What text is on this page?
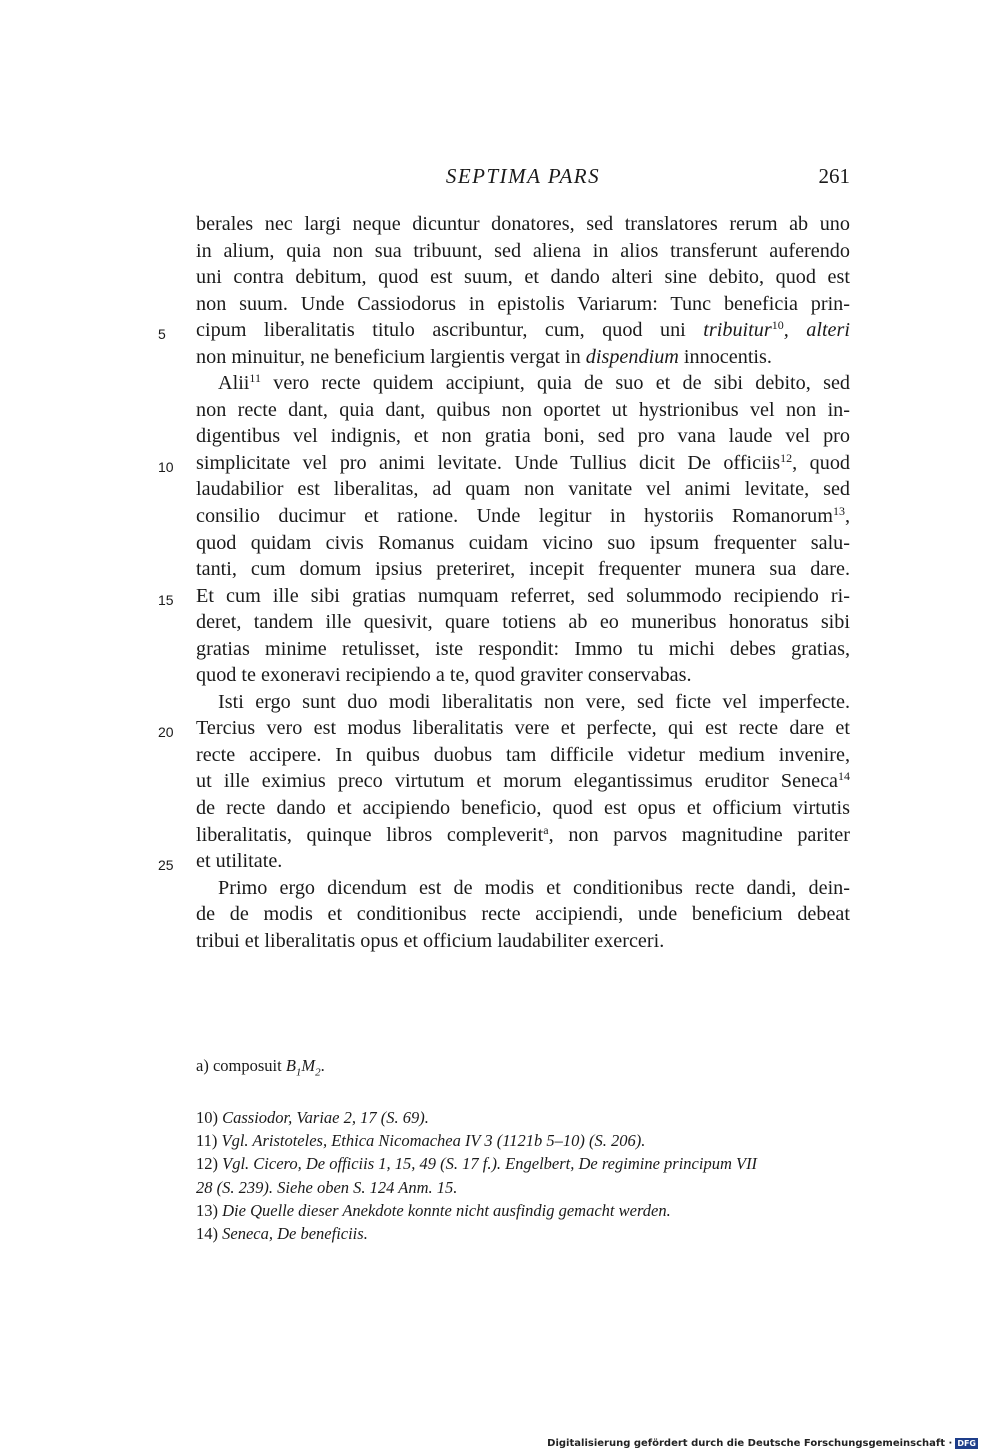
SEPTIMA PARS	261
berales nec largi neque dicuntur donatores, sed translatores rerum ab uno
in alium, quia non sua tribuunt, sed aliena in alios transferunt auferendo
uni contra debitum, quod est suum, et dando alteri sine debito, quod est
non suum. Unde Cassiodorus in epistolis Variarum: Tunc beneficia prin-
5 cipum liberalitatis titulo ascribuntur, cum, quod uni tribuitur$^{10}$, alteri
non minuitur, ne beneficium largientis vergat in dispendium innocentis.
Alii$^{11}$ vero recte quidem accipiunt, quia de suo et de sibi debito, sed
non recte dant, quia dant, quibus non oportet ut hystrionibus vel non in-
digentibus vel indignis, et non gratia boni, sed pro vana laude vel pro
10 simplicitate vel pro animi levitate. Unde Tullius dicit De officiis$^{12}$, quod
laudabilior est liberalitas, ad quam non vanitate vel animi levitate, sed
consilio ducimur et ratione. Unde legitur in hystoriis Romanorum$^{13}$,
quod quidam civis Romanus cuidam vicino suo ipsum frequenter salu-
tanti, cum domum ipsius preteriret, incepit frequenter munera sua dare.
15 Et cum ille sibi gratias numquam referret, sed solummodo recipiendo ri-
deret, tandem ille quesivit, quare totiens ab eo muneribus honoratus sibi
gratias minime retulisset, iste respondit: Immo tu michi debes gratias,
quod te exoneravi recipiendo a te, quod graviter conservabas.
Isti ergo sunt duo modi liberalitatis non vere, sed ficte vel imperfecte.
20 Tercius vero est modus liberalitatis vere et perfecte, qui est recte dare et
recte accipere. In quibus duobus tam difficile videtur medium invenire,
ut ille eximius preco virtutum et morum elegantissimus eruditor Seneca$^{14}$
de recte dando et accipiendo beneficio, quod est opus et officium virtutis
liberalitatis, quinque libros compleverit$^a$, non parvos magnitudine pariter
25 et utilitate.
Primo ergo dicendum est de modis et conditionibus recte dandi, dein-
de de modis et conditionibus recte accipiendi, unde beneficium debeat
tribui et liberalitatis opus et officium laudabiliter exerceri.
a) composuit $B_1M_2$.
10) Cassiodor, Variae 2, 17 (S. 69).
11) Vgl. Aristoteles, Ethica Nicomachea IV 3 (1121b 5–10) (S. 206).
12) Vgl. Cicero, De officiis 1, 15, 49 (S. 17 f.). Engelbert, De regimine principum VII
28 (S. 239). Siehe oben S. 124 Anm. 15.
13) Die Quelle dieser Anekdote konnte nicht ausfindig gemacht werden.
14) Seneca, De beneficiis.
Digitalisierung gefördert durch die Deutsche Forschungsgemeinschaft · DFG
